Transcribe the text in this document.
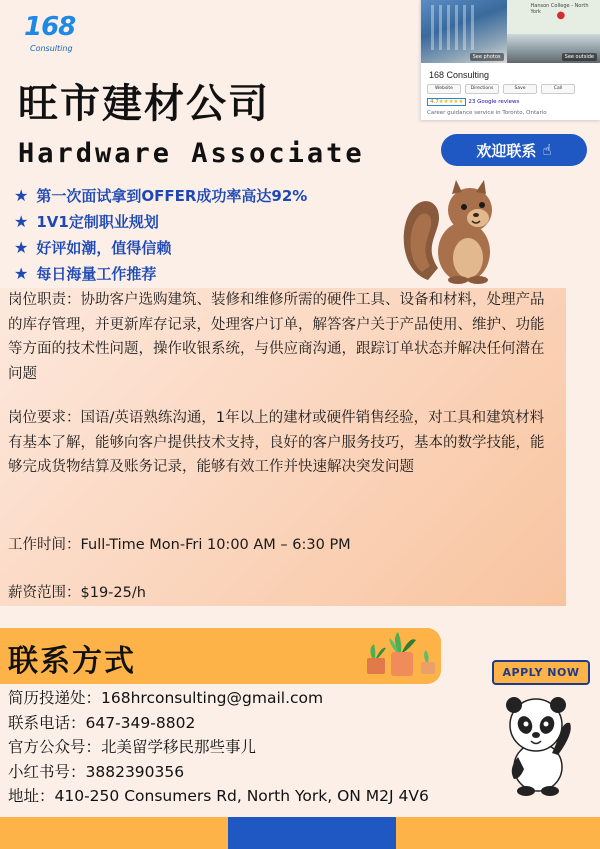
168
Consulting
旺市建材公司
Hardware Associate
See photos
Hanson College - North York ●
See outside
168 Consulting
Website	Directions	Save	Call
4.7★★★★★ 23 Google reviews
Career guidance service in Toronto, Ontario
欢迎联系 ☝
★ 第一次面试拿到OFFER成功率高达92%
★ 1V1定制职业规划
★ 好评如潮，值得信赖
★ 每日海量工作推荐

岗位职责：协助客户选购建筑、装修和维修所需的硬件工具、设备和材料，处理产品的库存管理，并更新库存记录，处理客户订单，解答客户关于产品使用、维护、功能等方面的技术性问题，操作收银系统，与供应商沟通，跟踪订单状态并解决任何潜在问题

岗位要求：国语/英语熟练沟通，1年以上的建材或硬件销售经验，对工具和建筑材料有基本了解，能够向客户提供技术支持，良好的客户服务技巧，基本的数学技能，能够完成货物结算及账务记录，能够有效工作并快速解决突发问题

工作时间：Full-Time Mon-Fri 10:00 AM – 6:30 PM

薪资范围：$19-25/h

联系方式	APPLY NOW
简历投递处：168hrconsulting@gmail.com
联系电话：647-349-8802
官方公众号：北美留学移民那些事儿
小红书号：3882390356
地址：410-250 Consumers Rd, North York, ON M2J 4V6
